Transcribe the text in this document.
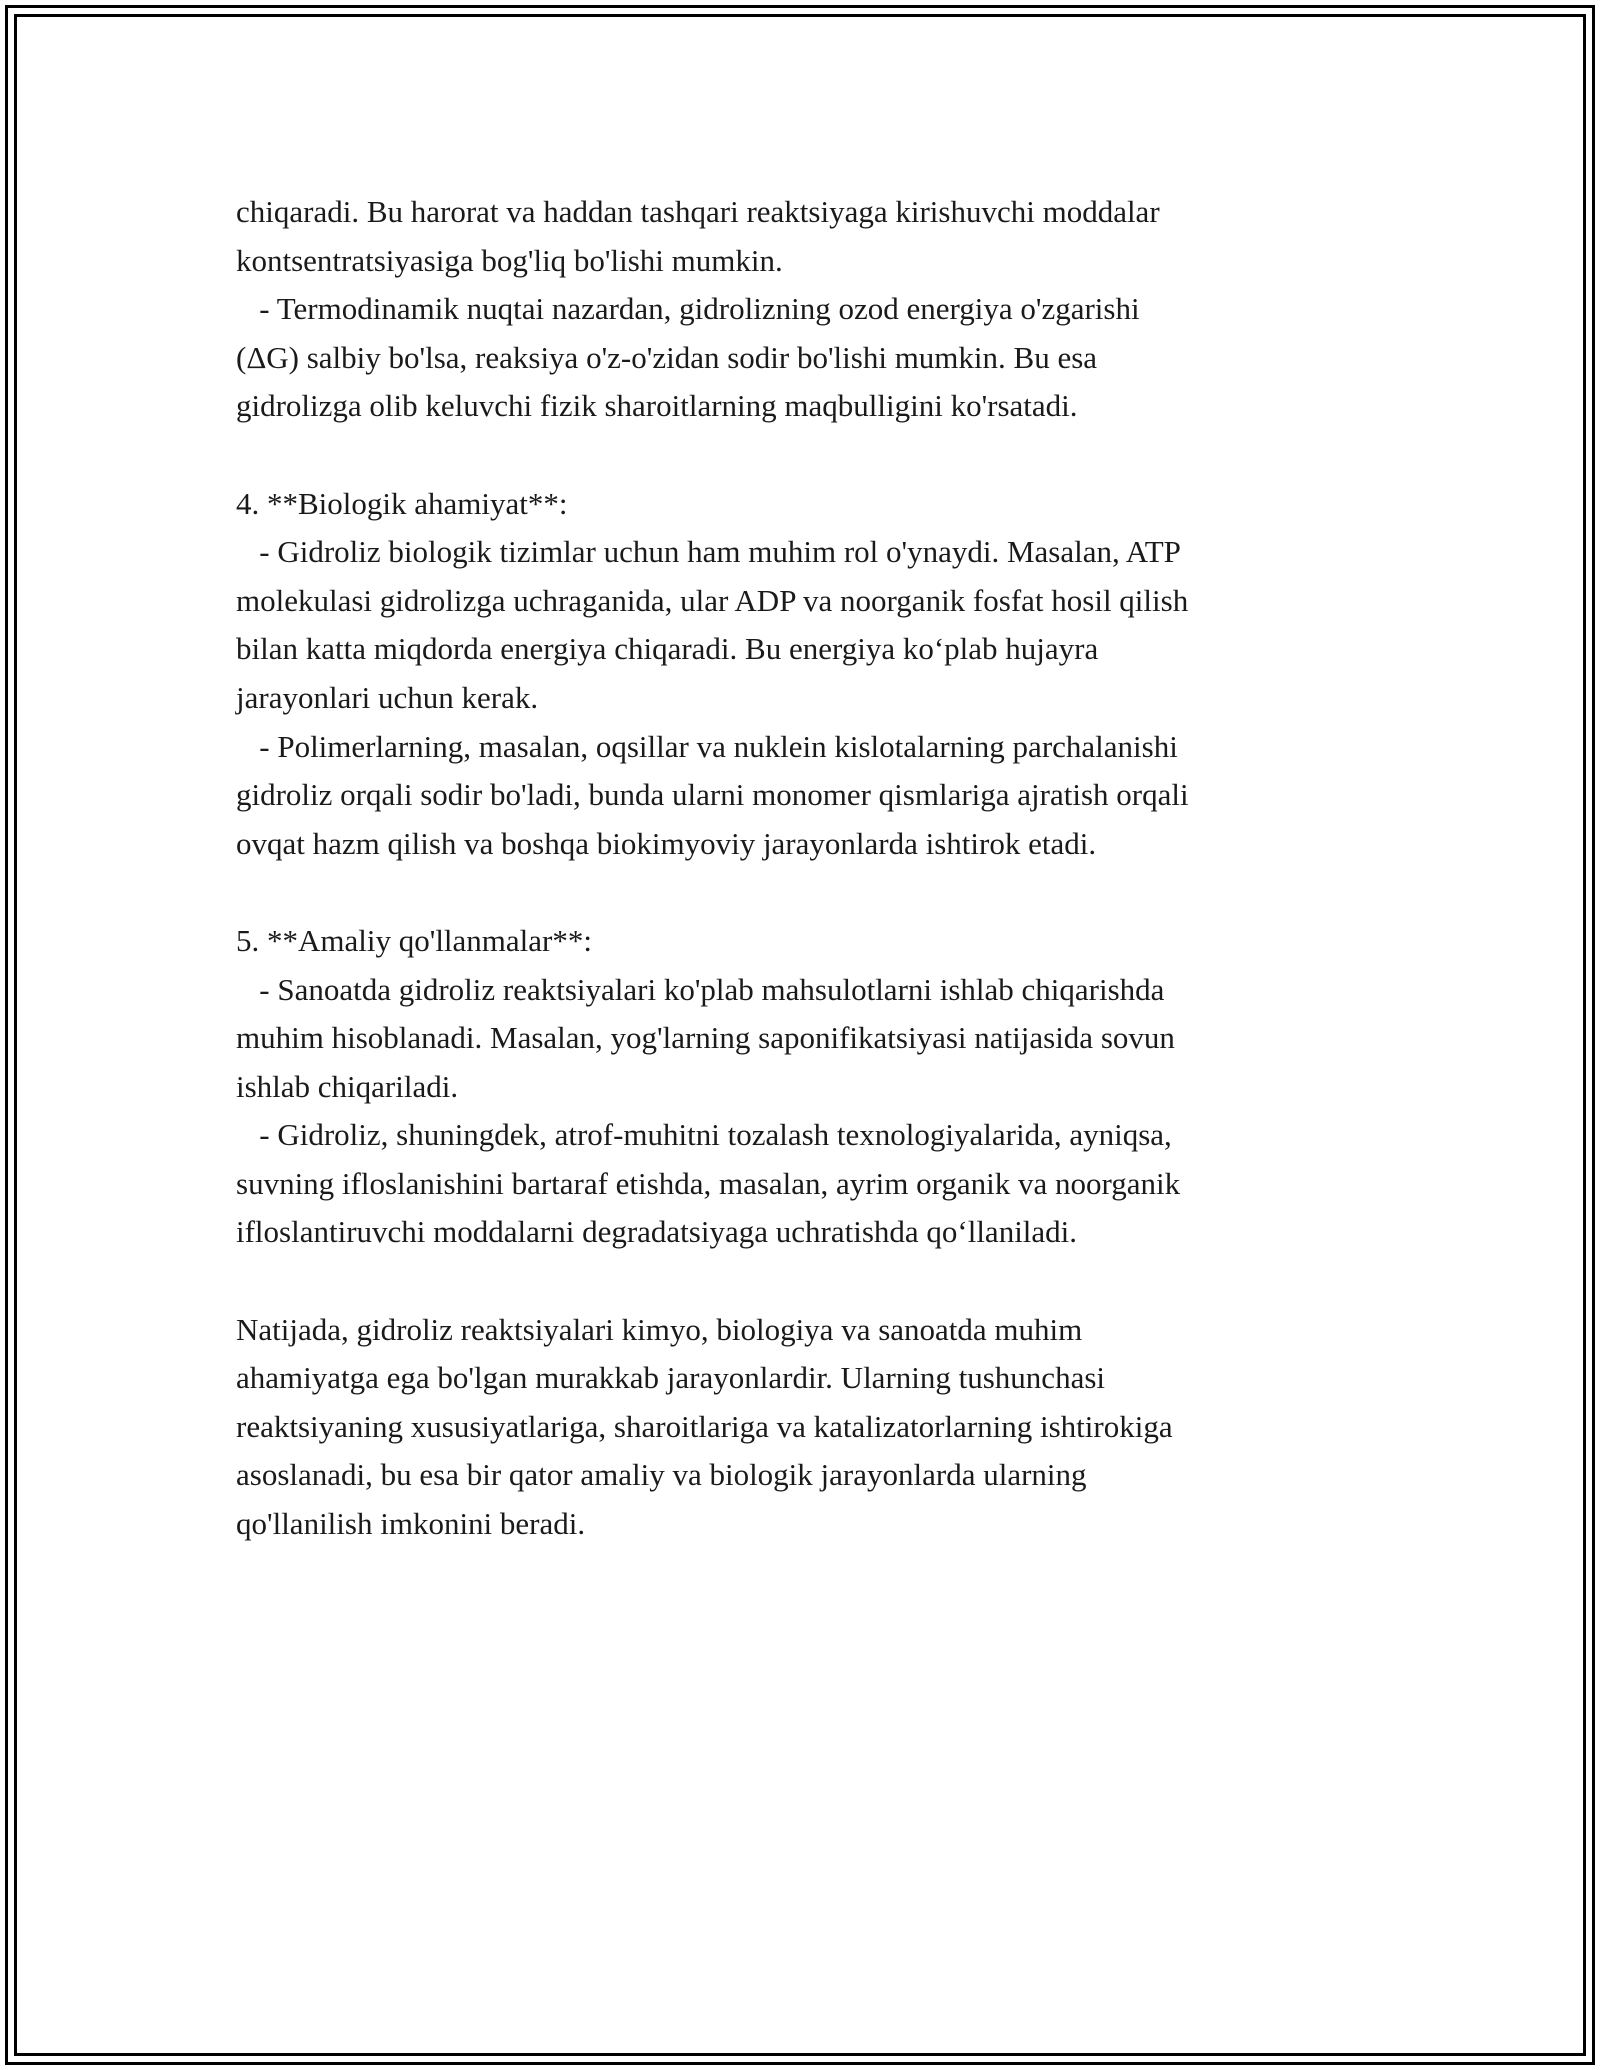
chiqaradi. Bu harorat va haddan tashqari reaktsiyaga kirishuvchi moddalar
kontsentratsiyasiga bog'liq bo'lishi mumkin.
- Termodinamik nuqtai nazardan, gidrolizning ozod energiya o'zgarishi
(ΔG) salbiy bo'lsa, reaksiya o'z-o'zidan sodir bo'lishi mumkin. Bu esa
gidrolizga olib keluvchi fizik sharoitlarning maqbulligini ko'rsatadi.
4. **Biologik ahamiyat**:
- Gidroliz biologik tizimlar uchun ham muhim rol o'ynaydi. Masalan, ATP
molekulasi gidrolizga uchraganida, ular ADP va noorganik fosfat hosil qilish
bilan katta miqdorda energiya chiqaradi. Bu energiya ko‘plab hujayra
jarayonlari uchun kerak.
- Polimerlarning, masalan, oqsillar va nuklein kislotalarning parchalanishi
gidroliz orqali sodir bo'ladi, bunda ularni monomer qismlariga ajratish orqali
ovqat hazm qilish va boshqa biokimyoviy jarayonlarda ishtirok etadi.
5. **Amaliy qo'llanmalar**:
- Sanoatda gidroliz reaktsiyalari ko'plab mahsulotlarni ishlab chiqarishda
muhim hisoblanadi. Masalan, yog'larning saponifikatsiyasi natijasida sovun
ishlab chiqariladi.
- Gidroliz, shuningdek, atrof-muhitni tozalash texnologiyalarida, ayniqsa,
suvning ifloslanishini bartaraf etishda, masalan, ayrim organik va noorganik
ifloslantiruvchi moddalarni degradatsiyaga uchratishda qo‘llaniladi.
Natijada, gidroliz reaktsiyalari kimyo, biologiya va sanoatda muhim
ahamiyatga ega bo'lgan murakkab jarayonlardir. Ularning tushunchasi
reaktsiyaning xususiyatlariga, sharoitlariga va katalizatorlarning ishtirokiga
asoslanadi, bu esa bir qator amaliy va biologik jarayonlarda ularning
qo'llanilish imkonini beradi.
